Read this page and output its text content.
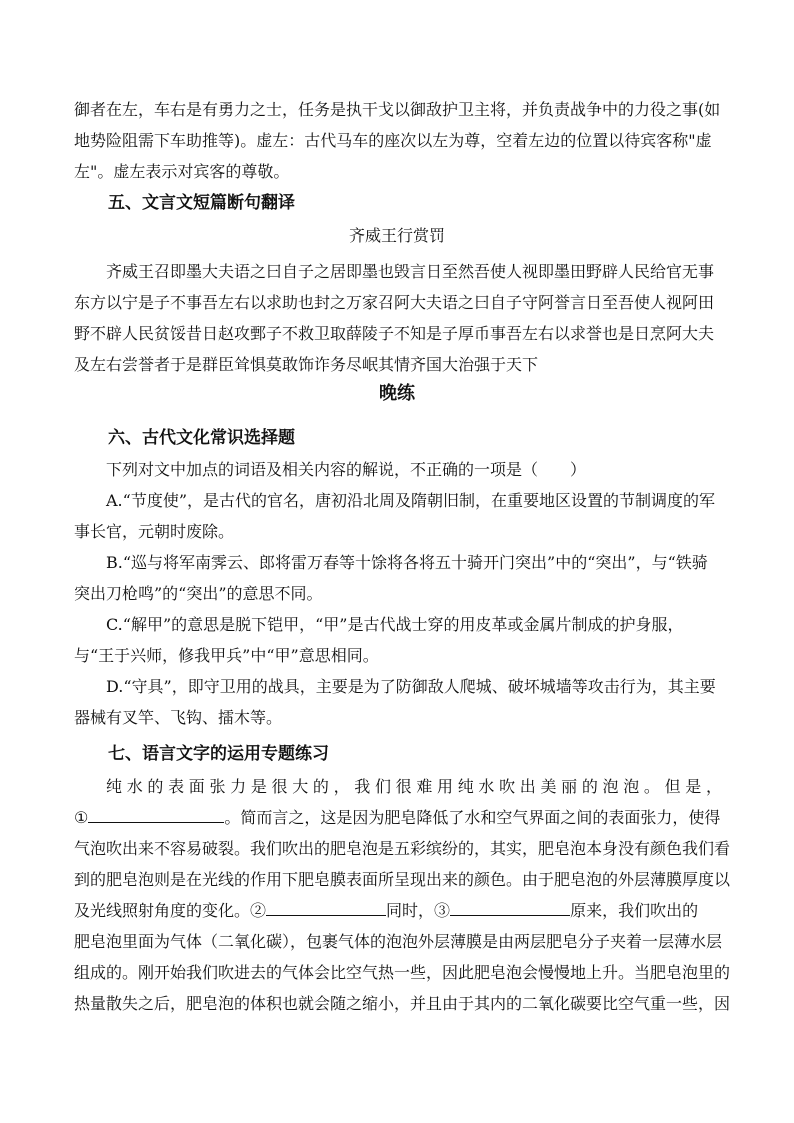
御者在左，车右是有勇力之士，任务是执干戈以御敌护卫主将，并负责战争中的力役之事(如地势险阻需下车助推等)。虚左：古代马车的座次以左为尊，空着左边的位置以待宾客称"虚左"。虚左表示对宾客的尊敬。

五、文言文短篇断句翻译

齐威王行赏罚

齐威王召即墨大夫语之曰自子之居即墨也毁言日至然吾使人视即墨田野辟人民给官无事东方以宁是子不事吾左右以求助也封之万家召阿大夫语之曰自子守阿誉言日至吾使人视阿田野不辟人民贫馁昔日赵攻鄄子不救卫取薛陵子不知是子厚币事吾左右以求誉也是日烹阿大夫及左右尝誉者于是群臣耸惧莫敢饰诈务尽岷其情齐国大治强于天下

晚练

六、古代文化常识选择题

下列对文中加点的词语及相关内容的解说，不正确的一项是（　　）

A.“节度使”，是古代的官名，唐初沿北周及隋朝旧制，在重要地区设置的节制调度的军事长官，元朝时废除。

B.“巡与将军南霁云、郎将雷万春等十馀将各将五十骑开门突出”中的“突出”，与“铁骑突出刀枪鸣”的“突出”的意思不同。

C.“解甲”的意思是脱下铠甲，“甲”是古代战士穿的用皮革或金属片制成的护身服，与“王于兴师，修我甲兵”中“甲”意思相同。

D.“守具”，即守卫用的战具，主要是为了防御敌人爬城、破坏城墙等攻击行为，其主要器械有叉竿、飞钩、擂木等。

七、语言文字的运用专题练习

纯水的表面张力是很大的，我们很难用纯水吹出美丽的泡泡。但是，
①	。简而言之，这是因为肥皂降低了水和空气界面之间的表面张力，使得
气泡吹出来不容易破裂。我们吹出的肥皂泡是五彩缤纷的，其实，肥皂泡本身没有颜色我们看
到的肥皂泡则是在光线的作用下肥皂膜表面所呈现出来的颜色。由于肥皂泡的外层薄膜厚度以
及光线照射角度的变化。②	同时，③	原来，我们吹出的
肥皂泡里面为气体（二氧化碳），包裹气体的泡泡外层薄膜是由两层肥皂分子夹着一层薄水层
组成的。刚开始我们吹进去的气体会比空气热一些，因此肥皂泡会慢慢地上升。当肥皂泡里的
热量散失之后，肥皂泡的体积也就会随之缩小，并且由于其内的二氧化碳要比空气重一些，因
